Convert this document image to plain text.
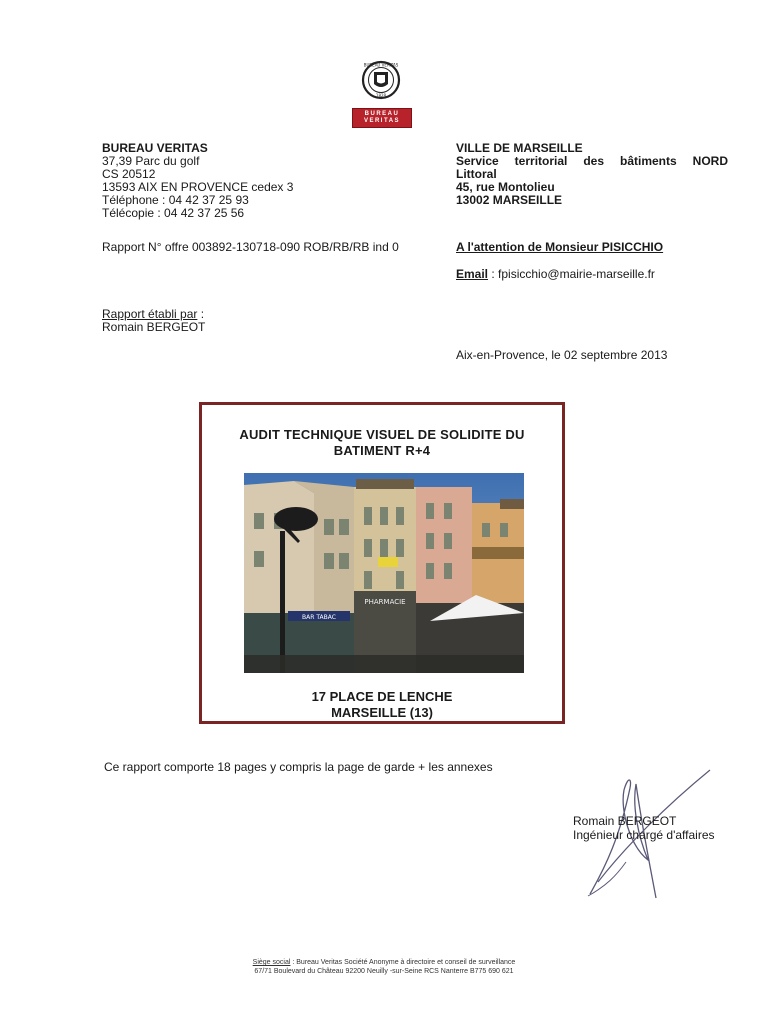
BUREAU VERITAS
1828
BUREAU
VERITAS
BUREAU VERITAS
37,39 Parc du golf
CS 20512
13593 AIX EN PROVENCE cedex 3
Téléphone : 04 42 37 25 93
Télécopie : 04 42 37 25 56
VILLE DE MARSEILLE
Service territorial des bâtiments NORD
Littoral
45, rue Montolieu
13002 MARSEILLE
Rapport N° offre 003892-130718-090 ROB/RB/RB ind 0	A l'attention de Monsieur PISICCHIO
Email : fpisicchio@mairie-marseille.fr
Rapport établi par :
Romain BERGEOT
Aix-en-Provence, le 02 septembre 2013
AUDIT TECHNIQUE VISUEL DE SOLIDITE DU
BATIMENT R+4
BAR TABAC
PHARMACIE
17 PLACE DE LENCHE
MARSEILLE (13)
Ce rapport comporte 18 pages y compris la page de garde + les annexes
Romain BERGEOT
Ingénieur chargé d'affaires
Siège social : Bureau Veritas Société Anonyme à directoire et conseil de surveillance
67/71 Boulevard du Château 92200 Neuilly -sur-Seine RCS Nanterre B775 690 621
